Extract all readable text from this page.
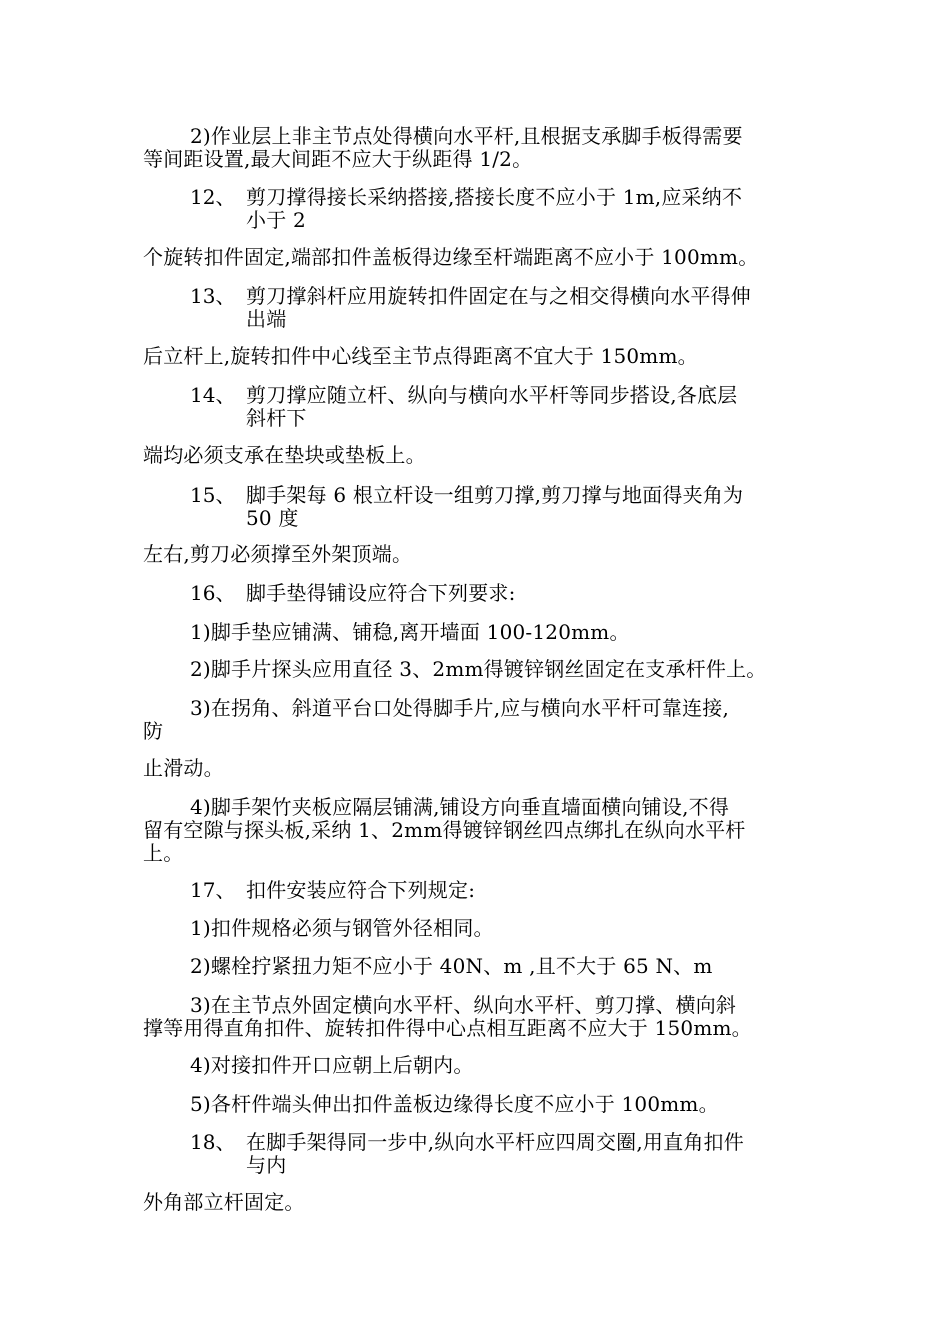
2)作业层上非主节点处得横向水平杆,且根据支承脚手板得需要
等间距设置,最大间距不应大于纵距得 1/2。
12、 剪刀撑得接长采纳搭接,搭接长度不应小于 1m,应采纳不
小于 2
个旋转扣件固定,端部扣件盖板得边缘至杆端距离不应小于 100mm。
13、 剪刀撑斜杆应用旋转扣件固定在与之相交得横向水平得伸
出端
后立杆上,旋转扣件中心线至主节点得距离不宜大于 150mm。
14、 剪刀撑应随立杆、纵向与横向水平杆等同步搭设,各底层
斜杆下
端均必须支承在垫块或垫板上。
15、 脚手架每 6 根立杆设一组剪刀撑,剪刀撑与地面得夹角为
50 度
左右,剪刀必须撑至外架顶端。
16、 脚手垫得铺设应符合下列要求:
1)脚手垫应铺满、铺稳,离开墙面 100-120mm。
2)脚手片探头应用直径 3、2mm得镀锌钢丝固定在支承杆件上。
3)在拐角、斜道平台口处得脚手片,应与横向水平杆可靠连接,
防
止滑动。
4)脚手架竹夹板应隔层铺满,铺设方向垂直墙面横向铺设,不得
留有空隙与探头板,采纳 1、2mm得镀锌钢丝四点绑扎在纵向水平杆
上。
17、 扣件安装应符合下列规定:
1)扣件规格必须与钢管外径相同。
2)螺栓拧紧扭力矩不应小于 40N、m ,且不大于 65 N、m
3)在主节点外固定横向水平杆、纵向水平杆、剪刀撑、横向斜
撑等用得直角扣件、旋转扣件得中心点相互距离不应大于 150mm。
4)对接扣件开口应朝上后朝内。
5)各杆件端头伸出扣件盖板边缘得长度不应小于 100mm。
18、 在脚手架得同一步中,纵向水平杆应四周交圈,用直角扣件
与内
外角部立杆固定。
